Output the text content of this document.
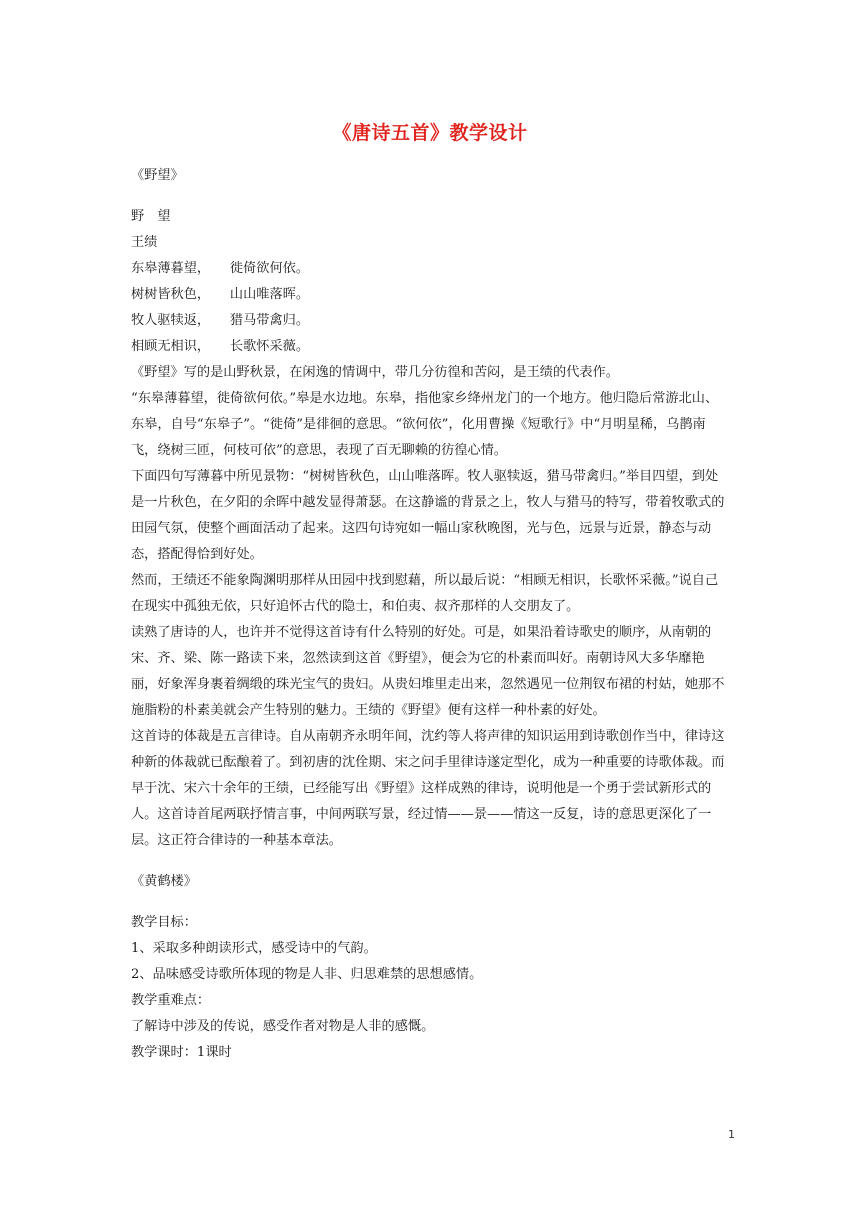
《唐诗五首》教学设计

《野望》

野　望

王绩

东皋薄暮望，　　徙倚欲何依。

树树皆秋色，　　山山唯落晖。

牧人驱犊返，　　猎马带禽归。

相顾无相识，　　长歌怀采薇。

《野望》写的是山野秋景，在闲逸的情调中，带几分彷徨和苦闷，是王绩的代表作。

“东皋薄暮望，徙倚欲何依。”皋是水边地。东皋，指他家乡绛州龙门的一个地方。他归隐后常游北山、东皋，自号“东皋子”。“徙倚”是徘徊的意思。“欲何依”，化用曹操《短歌行》中“月明星稀，乌鹊南飞，绕树三匝，何枝可依”的意思，表现了百无聊赖的彷徨心情。

下面四句写薄暮中所见景物：“树树皆秋色，山山唯落晖。牧人驱犊返，猎马带禽归。”举目四望，到处是一片秋色，在夕阳的余晖中越发显得萧瑟。在这静谧的背景之上，牧人与猎马的特写，带着牧歌式的田园气氛，使整个画面活动了起来。这四句诗宛如一幅山家秋晚图，光与色，远景与近景，静态与动态，搭配得恰到好处。

然而，王绩还不能象陶渊明那样从田园中找到慰藉，所以最后说：“相顾无相识，长歌怀采薇。”说自己在现实中孤独无依，只好追怀古代的隐士，和伯夷、叔齐那样的人交朋友了。

读熟了唐诗的人，也许并不觉得这首诗有什么特别的好处。可是，如果沿着诗歌史的顺序，从南朝的宋、齐、梁、陈一路读下来，忽然读到这首《野望》，便会为它的朴素而叫好。南朝诗风大多华靡艳丽，好象浑身裹着绸缎的珠光宝气的贵妇。从贵妇堆里走出来，忽然遇见一位荆钗布裙的村姑，她那不施脂粉的朴素美就会产生特别的魅力。王绩的《野望》便有这样一种朴素的好处。

这首诗的体裁是五言律诗。自从南朝齐永明年间，沈约等人将声律的知识运用到诗歌创作当中，律诗这种新的体裁就已酝酿着了。到初唐的沈佺期、宋之问手里律诗遂定型化，成为一种重要的诗歌体裁。而早于沈、宋六十余年的王绩，已经能写出《野望》这样成熟的律诗，说明他是一个勇于尝试新形式的人。这首诗首尾两联抒情言事，中间两联写景，经过情——景——情这一反复，诗的意思更深化了一层。这正符合律诗的一种基本章法。

《黄鹤楼》

教学目标：

1、采取多种朗读形式，感受诗中的气韵。

2、品味感受诗歌所体现的物是人非、归思难禁的思想感情。

教学重难点：

了解诗中涉及的传说，感受作者对物是人非的感慨。

教学课时：1课时

1
